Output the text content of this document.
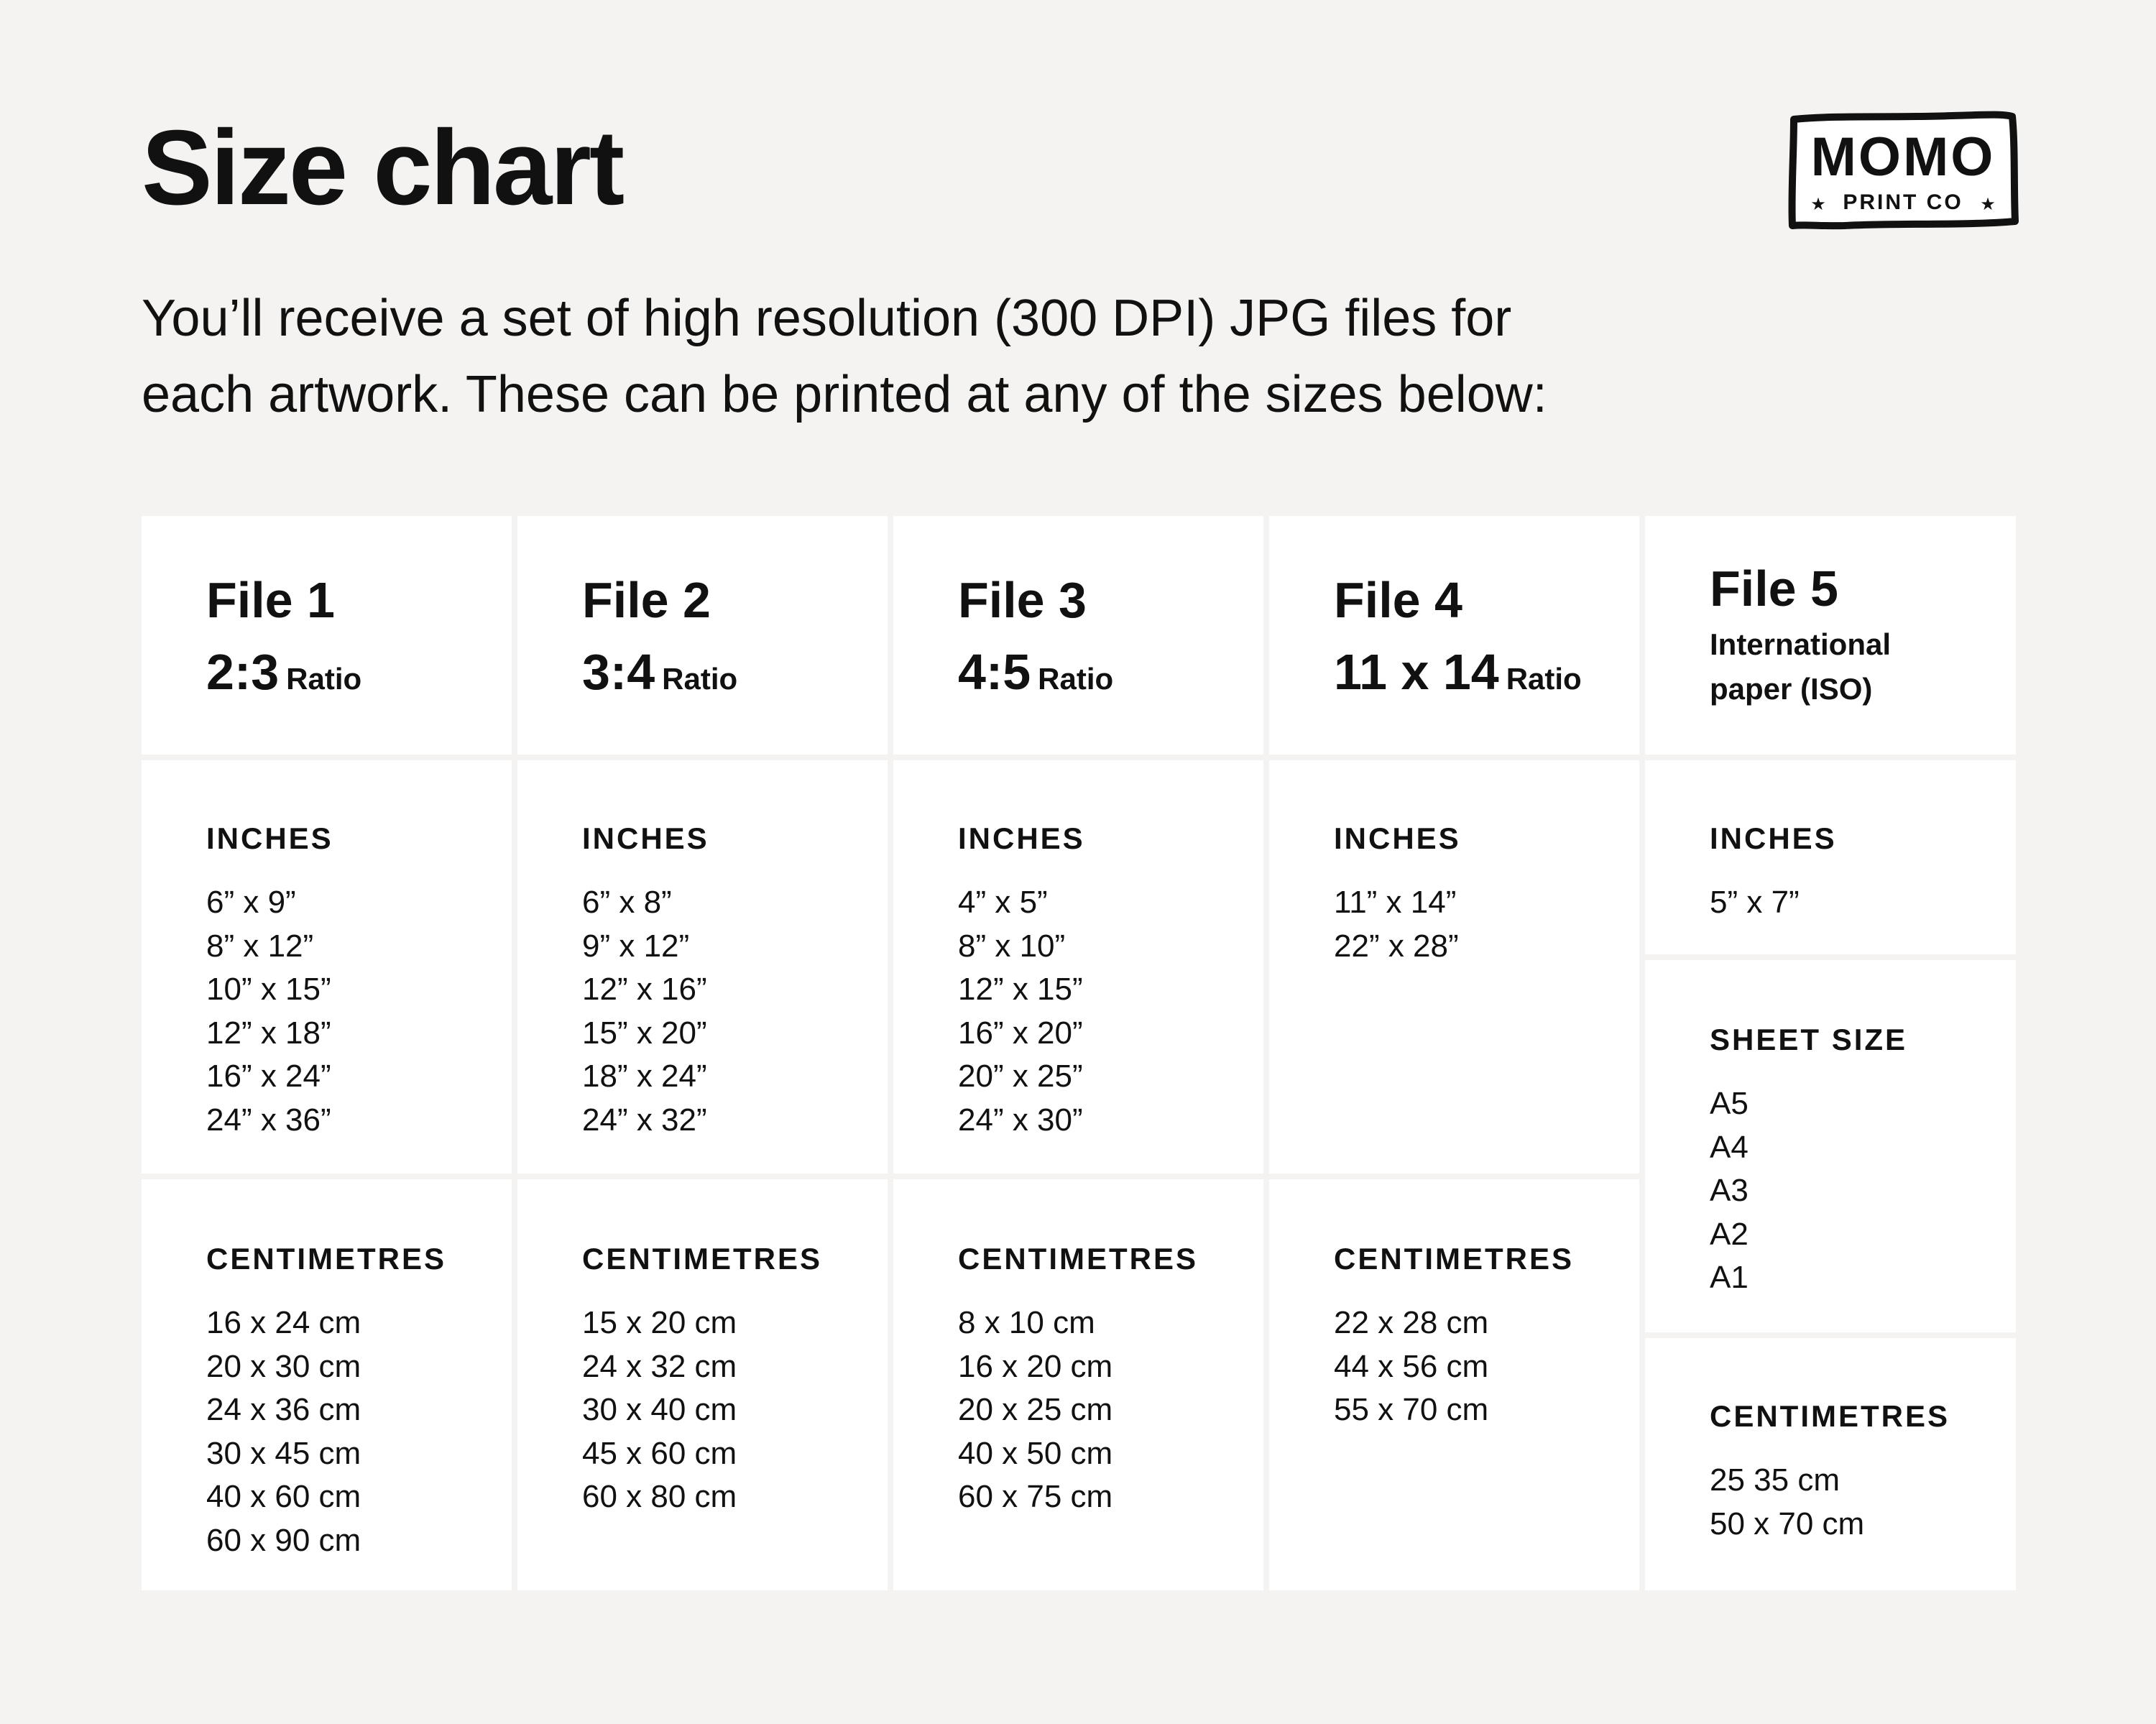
Size chart	MOMO
★ PRINT CO ★
You’ll receive a set of high resolution (300 DPI) JPG files for
each artwork. These can be printed at any of the sizes below:
File 1
2:3 Ratio
INCHES
6” x 9”
8” x 12”
10” x 15”
12” x 18”
16” x 24”
24” x 36”
CENTIMETRES
16 x 24 cm
20 x 30 cm
24 x 36 cm
30 x 45 cm
40 x 60 cm
60 x 90 cm
File 2
3:4 Ratio
INCHES
6” x 8”
9” x 12”
12” x 16”
15” x 20”
18” x 24”
24” x 32”
CENTIMETRES
15 x 20 cm
24 x 32 cm
30 x 40 cm
45 x 60 cm
60 x 80 cm
File 3
4:5 Ratio
INCHES
4” x 5”
8” x 10”
12” x 15”
16” x 20”
20” x 25”
24” x 30”
CENTIMETRES
8 x 10 cm
16 x 20 cm
20 x 25 cm
40 x 50 cm
60 x 75 cm
File 4
11 x 14 Ratio
INCHES
11” x 14”
22” x 28”
CENTIMETRES
22 x 28 cm
44 x 56 cm
55 x 70 cm
File 5
International
paper (ISO)
INCHES
5” x 7”
SHEET SIZE
A5
A4
A3
A2
A1
CENTIMETRES
25 35 cm
50 x 70 cm
